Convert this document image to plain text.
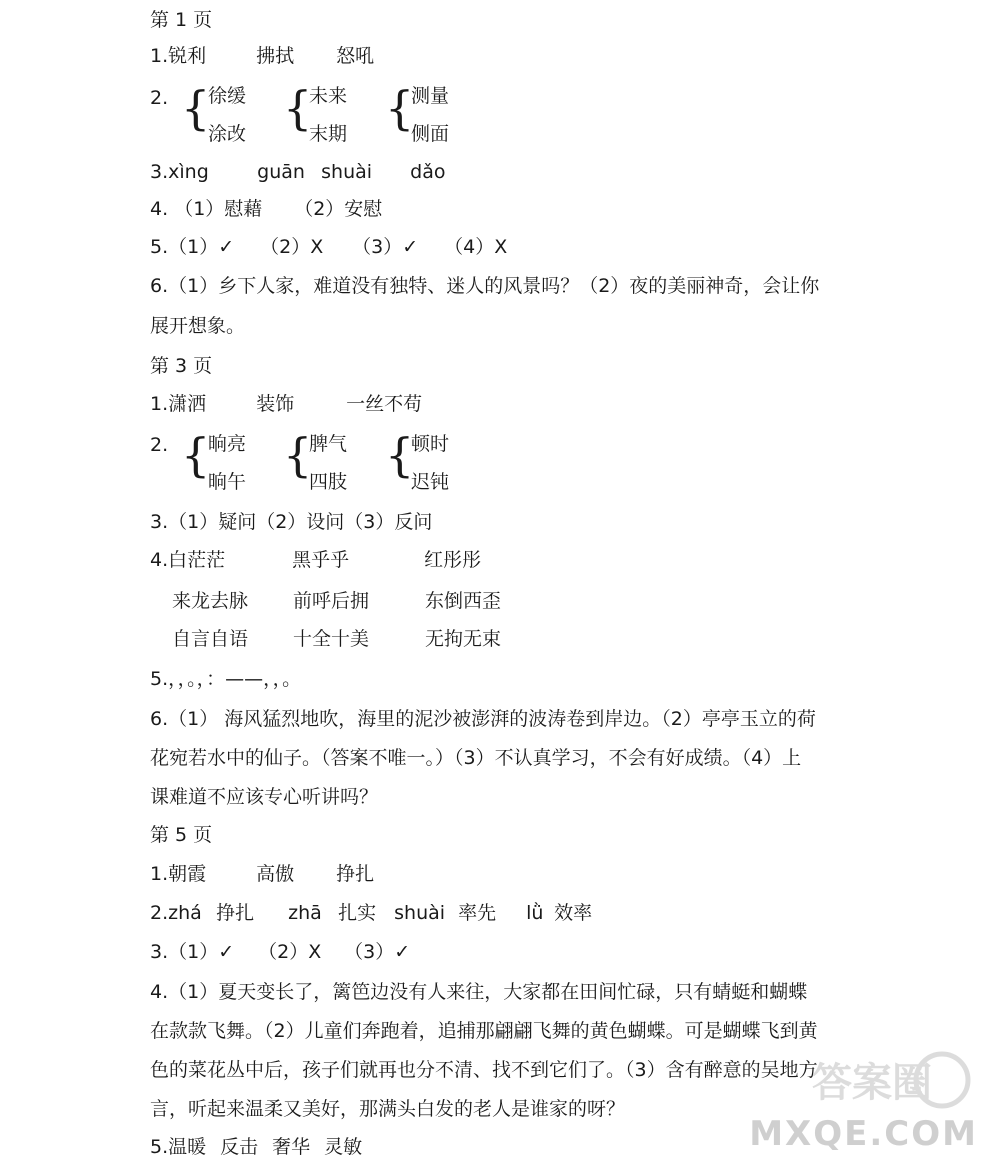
第 1 页
1.锐利	拂拭 怒吼
2. {
徐缓
涂改 {
未来
末期 {
测量
侧面
3.xìng	guān shuài dǎo
4. （1）慰藉 （2）安慰
5.（1）✓ （2）X （3）✓ （4）X
6.（1）乡下人家，难道没有独特、迷人的风景吗？（2）夜的美丽神奇，会让你
展开想象。
第 3 页
1.潇洒	装饰	一丝不苟
2. {
晌亮
晌午 {
脾气
四肢 {
顿时
迟钝
3.（1）疑问（2）设问（3）反问
4.白茫茫	黑乎乎	红彤彤
来龙去脉 前呼后拥	东倒西歪
自言自语 十全十美	无拘无束
5.，，。，：——，，。
6.（1） 海风猛烈地吹，海里的泥沙被澎湃的波涛卷到岸边。（2）亭亭玉立的荷
花宛若水中的仙子。（答案不唯一。）（3）不认真学习，不会有好成绩。（4）上
课难道不应该专心听讲吗？
第 5 页
1.朝霞	高傲 挣扎
2.zhá 挣扎 zhā 扎实 shuài 率先 lǜ 效率
3.（1）✓ （2）X （3）✓
4.（1）夏天变长了，篱笆边没有人来往，大家都在田间忙碌，只有蜻蜓和蝴蝶
在款款飞舞。（2）儿童们奔跑着，追捕那翩翩飞舞的黄色蝴蝶。可是蝴蝶飞到黄
色的菜花丛中后，孩子们就再也分不清、找不到它们了。（3）含有醉意的吴地方
言，听起来温柔又美好，那满头白发的老人是谁家的呀？
5.温暖 反击 奢华 灵敏
答案圈
MXQE.COM
